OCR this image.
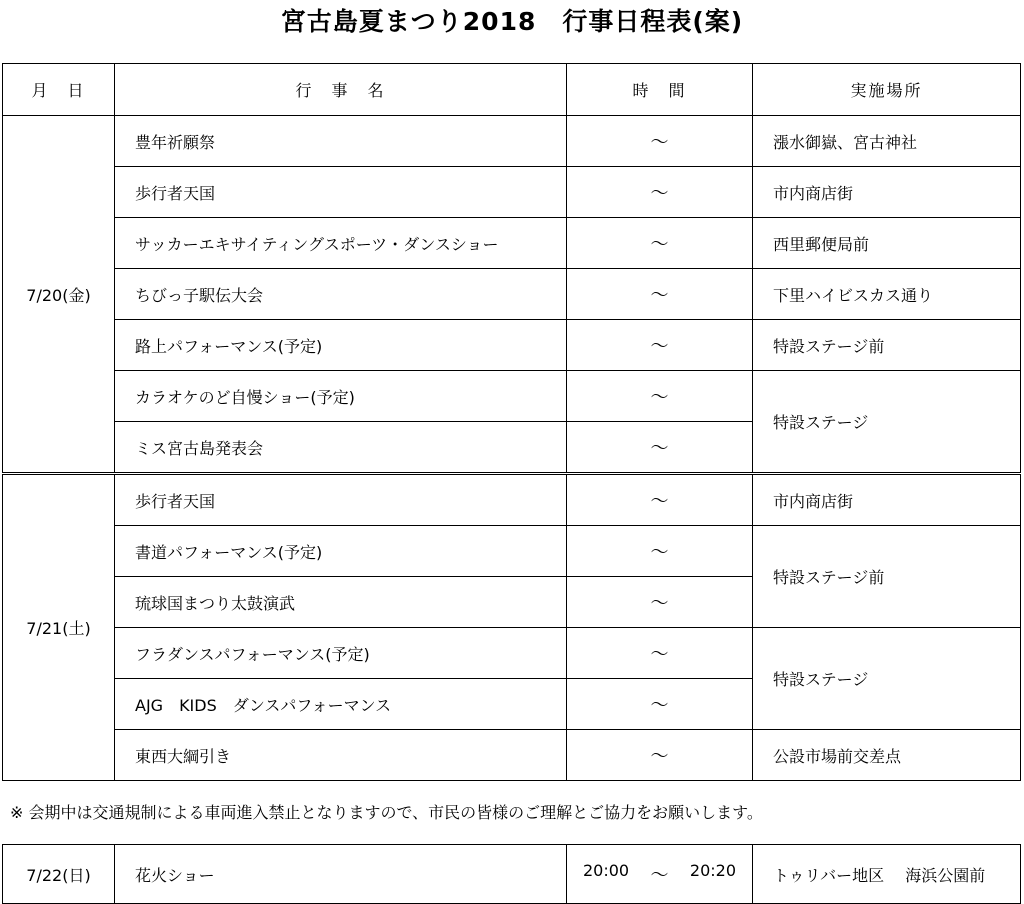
宮古島夏まつり2018　行事日程表(案)
月　日	行　事　名	時　間	実施場所
7/20(金)	豊年祈願祭	～	漲水御嶽、宮古神社
	歩行者天国	～	市内商店街
	サッカーエキサイティングスポーツ・ダンスショー	～	西里郵便局前
	ちびっ子駅伝大会	～	下里ハイビスカス通り
	路上パフォーマンス(予定)	～	特設ステージ前
	カラオケのど自慢ショー(予定)	～	特設ステージ
	ミス宮古島発表会	～	
7/21(土)	歩行者天国	～	市内商店街
	書道パフォーマンス(予定)	～	特設ステージ前
	琉球国まつり太鼓演武	～	
	フラダンスパフォーマンス(予定)	～	特設ステージ
	AJG　KIDS　ダンスパフォーマンス	～	
	東西大綱引き	～	公設市場前交差点
※ 会期中は交通規制による車両進入禁止となりますので、市民の皆様のご理解とご協力をお願いします。
7/22(日)	花火ショー	20:00 ～ 20:20	トゥリバー地区　 海浜公園前
